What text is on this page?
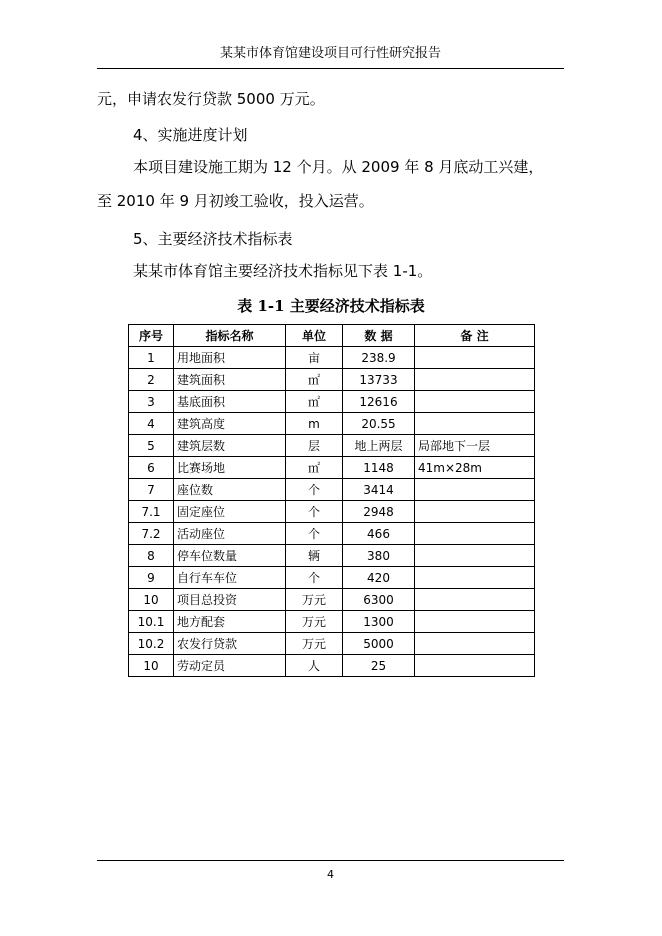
某某市体育馆建设项目可行性研究报告
元，申请农发行贷款 5000 万元。
4、实施进度计划
本项目建设施工期为 12 个月。从 2009 年 8 月底动工兴建，
至 2010 年 9 月初竣工验收，投入运营。
5、主要经济技术指标表
某某市体育馆主要经济技术指标见下表 1-1。
表 1-1 主要经济技术指标表
序号	指标名称	单位	数 据	备 注
1	用地面积	亩	238.9	
2	建筑面积	㎡	13733	
3	基底面积	㎡	12616	
4	建筑高度	m	20.55	
5	建筑层数	层	地上两层	局部地下一层
6	比赛场地	㎡	1148	41m×28m
7	座位数	个	3414	
7.1	固定座位	个	2948	
7.2	活动座位	个	466	
8	停车位数量	辆	380	
9	自行车车位	个	420	
10	项目总投资	万元	6300	
10.1	地方配套	万元	1300	
10.2	农发行贷款	万元	5000	
10	劳动定员	人	25	
4
